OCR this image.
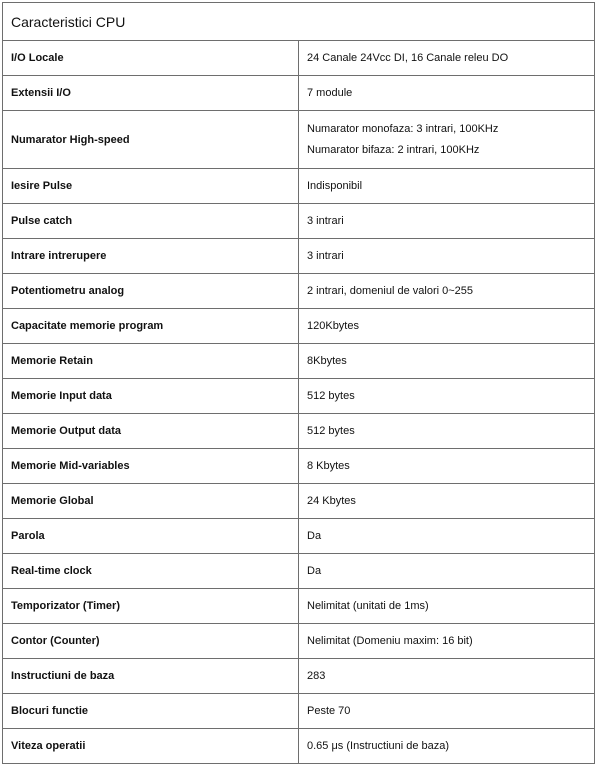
Caracteristici CPU	
I/O Locale	24 Canale 24Vcc DI, 16 Canale releu DO
Extensii I/O	7 module
Numarator High-speed	Numarator monofaza: 3 intrari, 100KHz
Numarator bifaza: 2 intrari, 100KHz

Iesire Pulse	Indisponibil
Pulse catch	3 intrari
Intrare intrerupere	3 intrari
Potentiometru analog	2 intrari, domeniul de valori 0~255
Capacitate memorie program	120Kbytes
Memorie Retain	8Kbytes
Memorie Input data	512 bytes
Memorie Output data	512 bytes
Memorie Mid-variables	8 Kbytes
Memorie Global	24 Kbytes
Parola	Da
Real-time clock	Da
Temporizator (Timer)	Nelimitat (unitati de 1ms)
Contor (Counter)	Nelimitat (Domeniu maxim: 16 bit)
Instructiuni de baza	283
Blocuri functie	Peste 70
Viteza operatii	0.65 μs (Instructiuni de baza)
